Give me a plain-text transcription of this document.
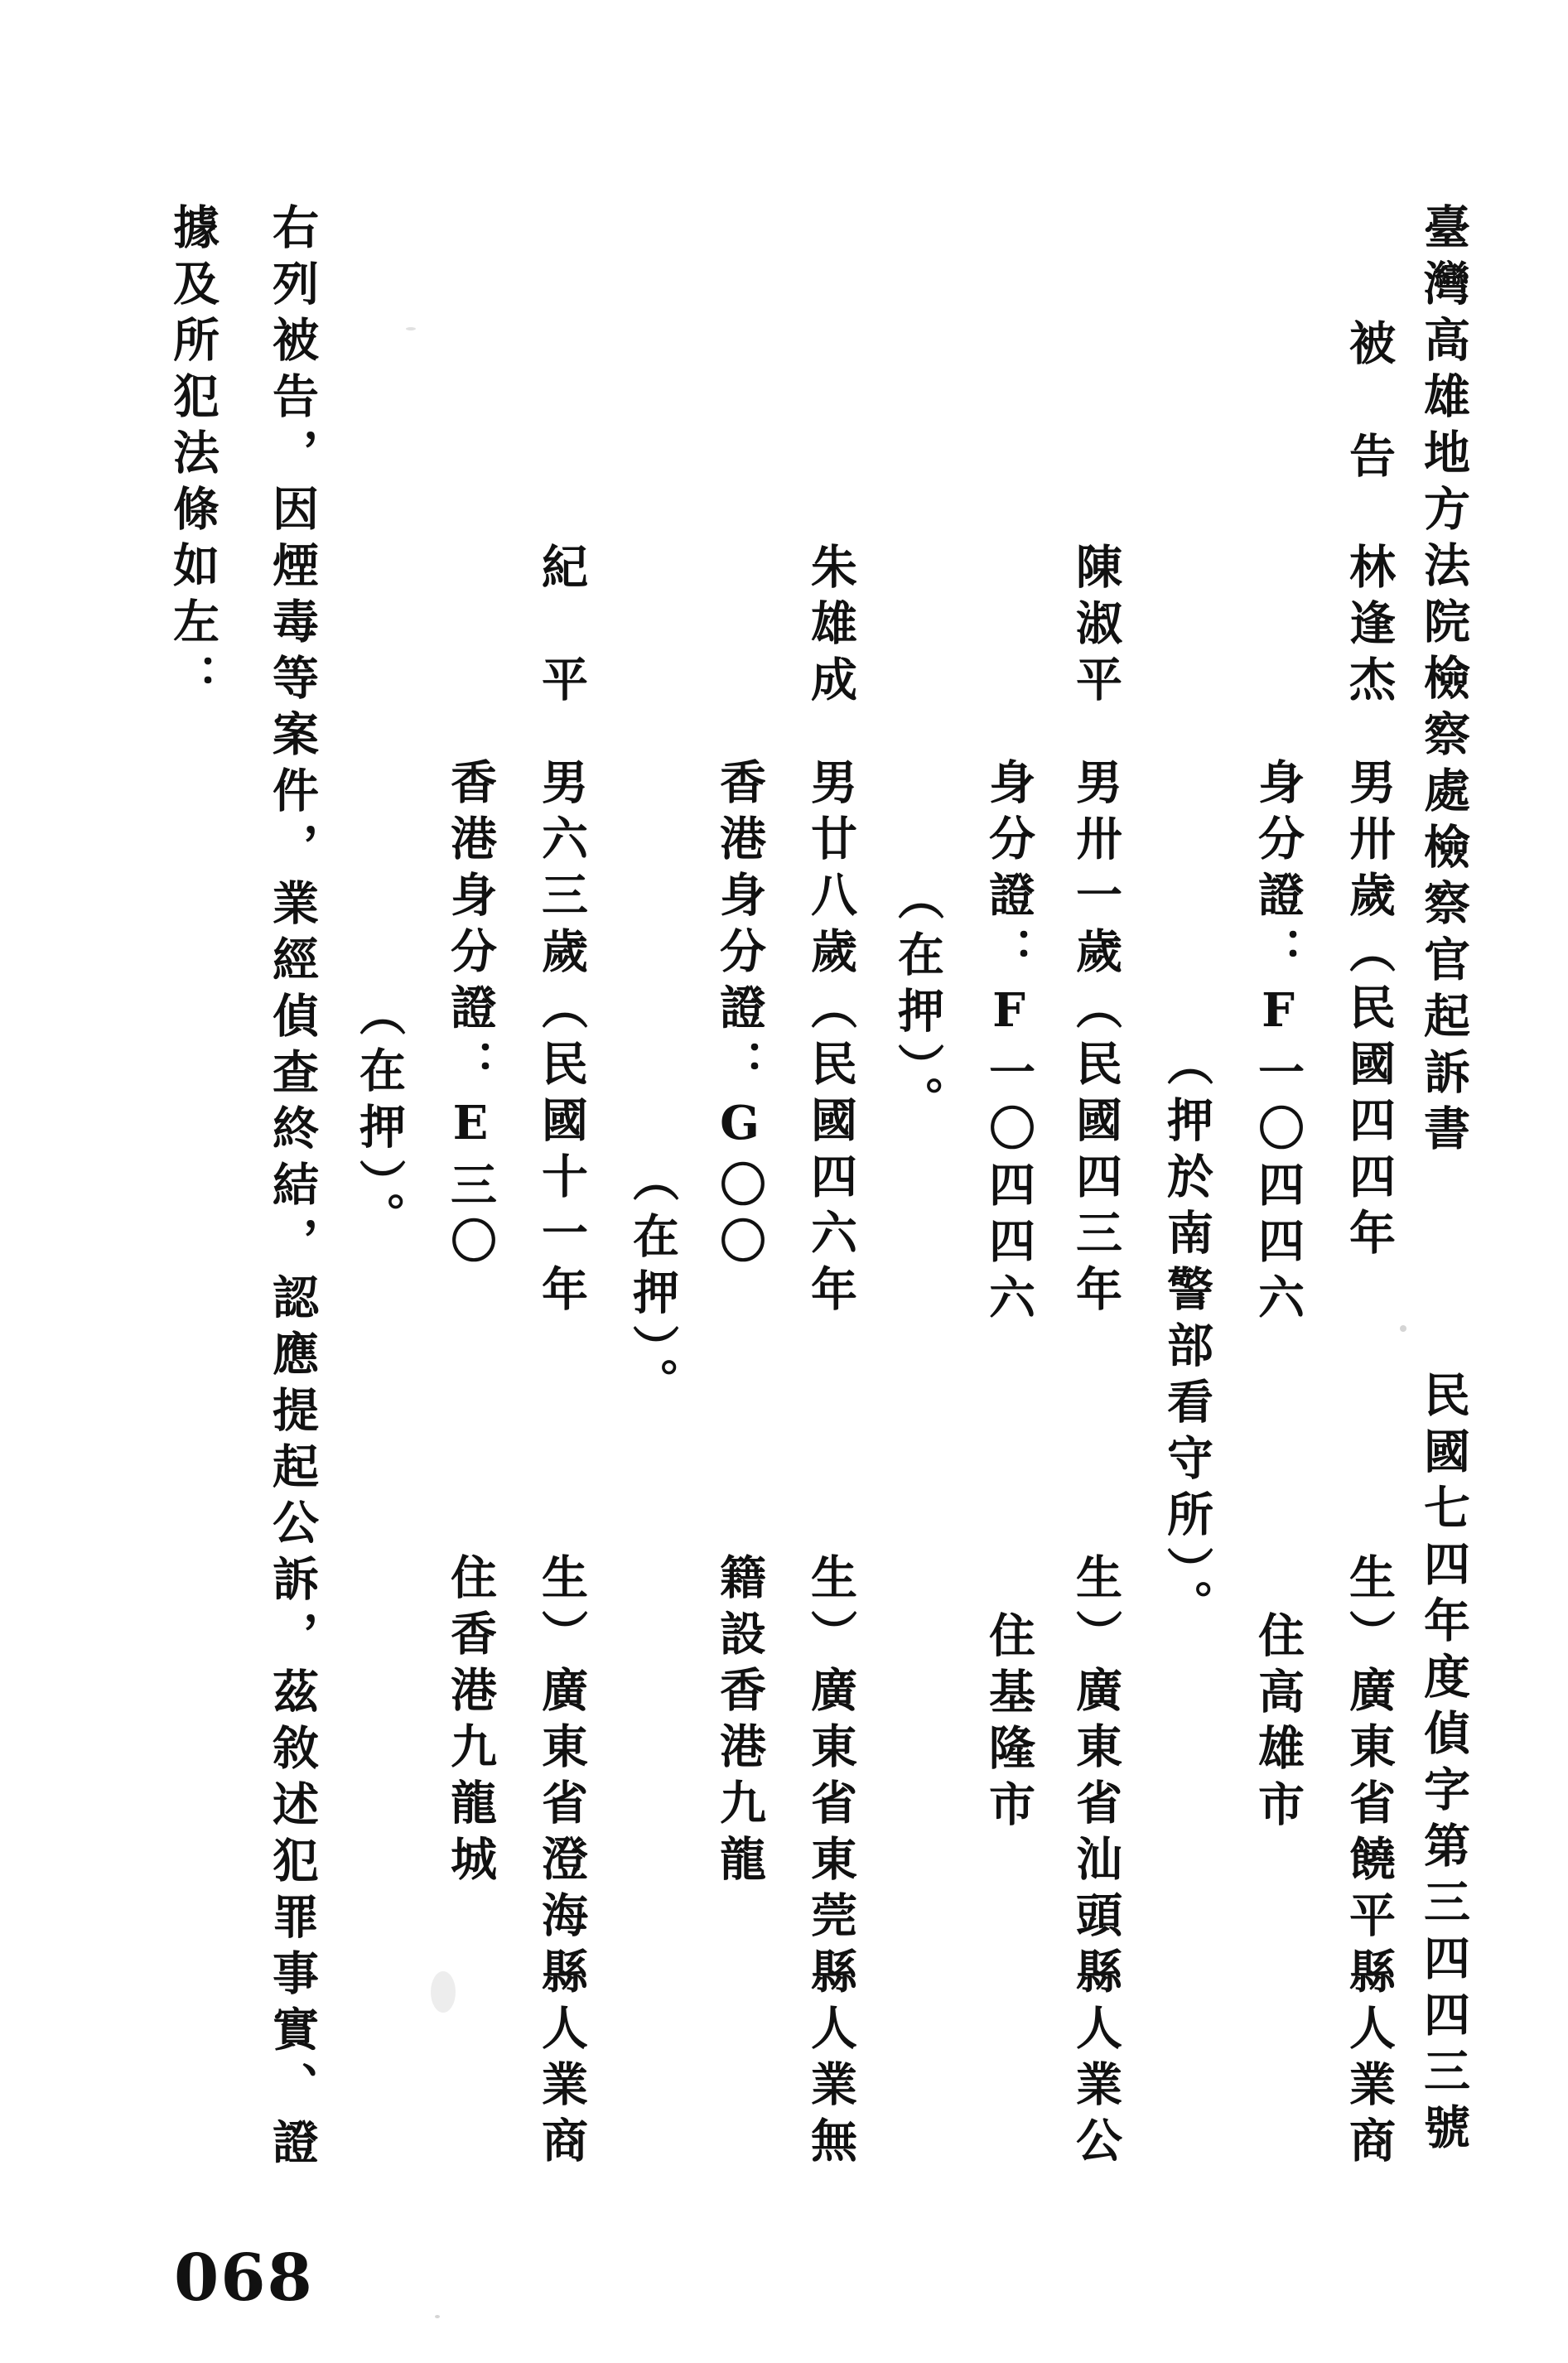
臺灣高雄地方法院檢察處檢察官起訴書
民國七四年度偵字第三四四三號
被　告
林逢杰
男卅歲（民國四四年
生）廣東省饒平縣人業商
身分證：F一〇四四六
住高雄市
（押於南警部看守所）。
陳淑平
男卅一歲（民國四三年
生）廣東省汕頭縣人業公
身分證：F一〇四四六
住基隆市
（在押）。
朱雄成
男廿八歲（民國四六年
生）廣東省東莞縣人業無
香港身分證：G〇〇
籍設香港九龍
（在押）。
紀　平
男六三歲（民國十一年
生）廣東省澄海縣人業商
香港身分證：E三〇
住香港九龍城
（在押）。
右列被告，因煙毒等案件，業經偵查終結，認應提起公訴，茲敘述犯罪事實、證
據及所犯法條如左：
068
